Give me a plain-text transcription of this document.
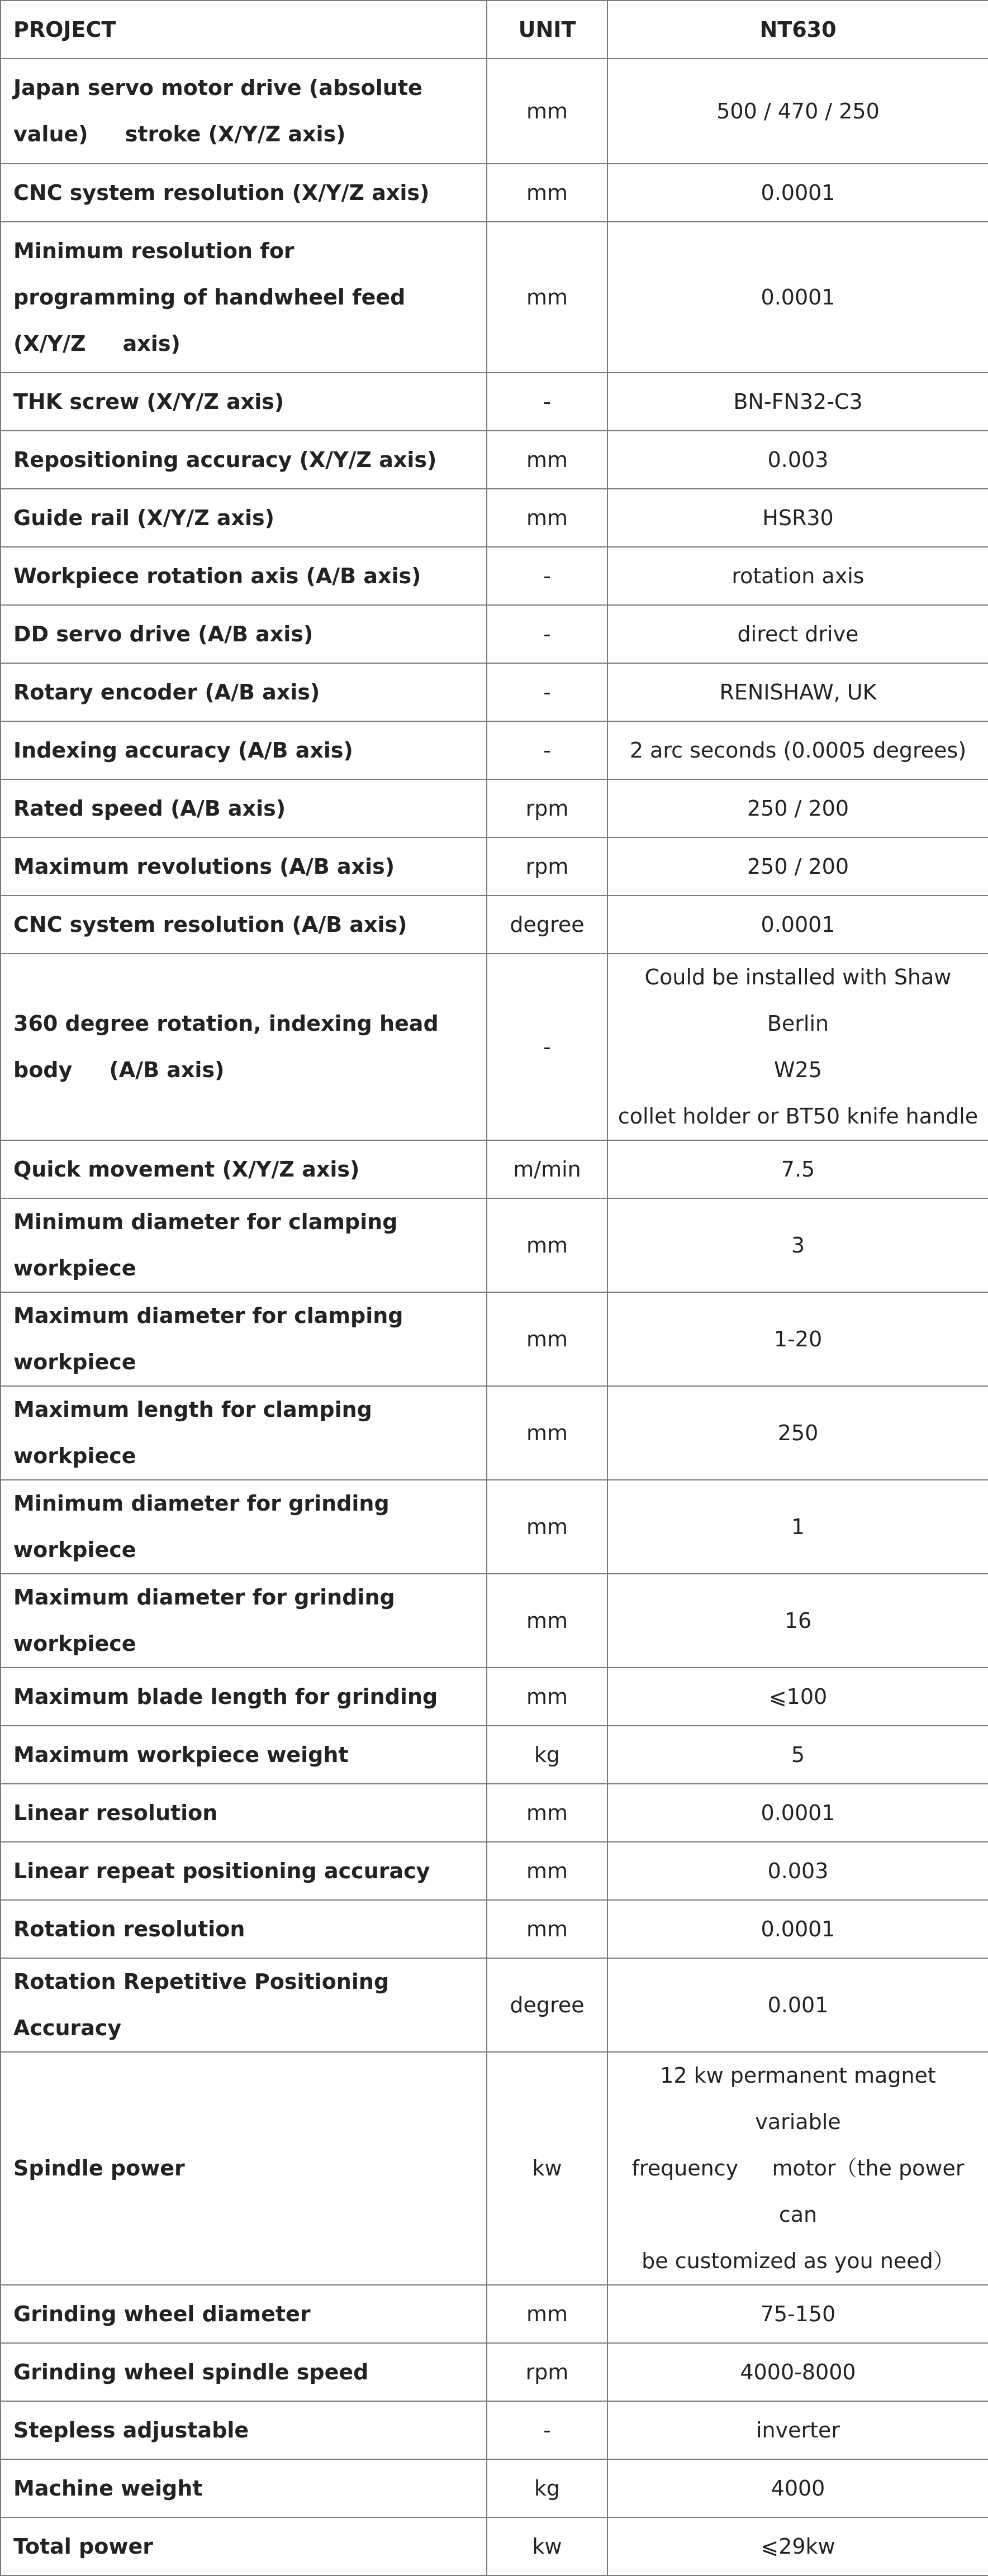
PROJECT	UNIT	NT630
Japan servo motor drive (absolute
value)     stroke (X/Y/Z axis)	mm	500 / 470 / 250
CNC system resolution (X/Y/Z axis)	mm	0.0001
Minimum resolution for
programming of handwheel feed
(X/Y/Z     axis)	mm	0.0001
THK screw (X/Y/Z axis)	-	BN-FN32-C3
Repositioning accuracy (X/Y/Z axis)	mm	0.003
Guide rail (X/Y/Z axis)	mm	HSR30
Workpiece rotation axis (A/B axis)	-	rotation axis
DD servo drive (A/B axis)	-	direct drive
Rotary encoder (A/B axis)	-	RENISHAW, UK
Indexing accuracy (A/B axis)	-	2 arc seconds (0.0005 degrees)
Rated speed (A/B axis)	rpm	250 / 200
Maximum revolutions (A/B axis)	rpm	250 / 200
CNC system resolution (A/B axis)	degree	0.0001
360 degree rotation, indexing head
body     (A/B axis)	-	Could be installed with Shaw Berlin
W25
collet holder or BT50 knife handle
Quick movement (X/Y/Z axis)	m/min	7.5
Minimum diameter for clamping workpiece	mm	3
Maximum diameter for clamping workpiece	mm	1-20
Maximum length for clamping workpiece	mm	250
Minimum diameter for grinding workpiece	mm	1
Maximum diameter for grinding workpiece	mm	16
Maximum blade length for grinding	mm	⩽100
Maximum workpiece weight	kg	5
Linear resolution	mm	0.0001
Linear repeat positioning accuracy	mm	0.003
Rotation resolution	mm	0.0001
Rotation Repetitive Positioning Accuracy	degree	0.001
Spindle power	kw	12 kw permanent magnet variable
frequency     motor（the power can
be customized as you need）
Grinding wheel diameter	mm	75-150
Grinding wheel spindle speed	rpm	4000-8000
Stepless adjustable	-	inverter
Machine weight	kg	4000
Total power	kw	⩽29kw
